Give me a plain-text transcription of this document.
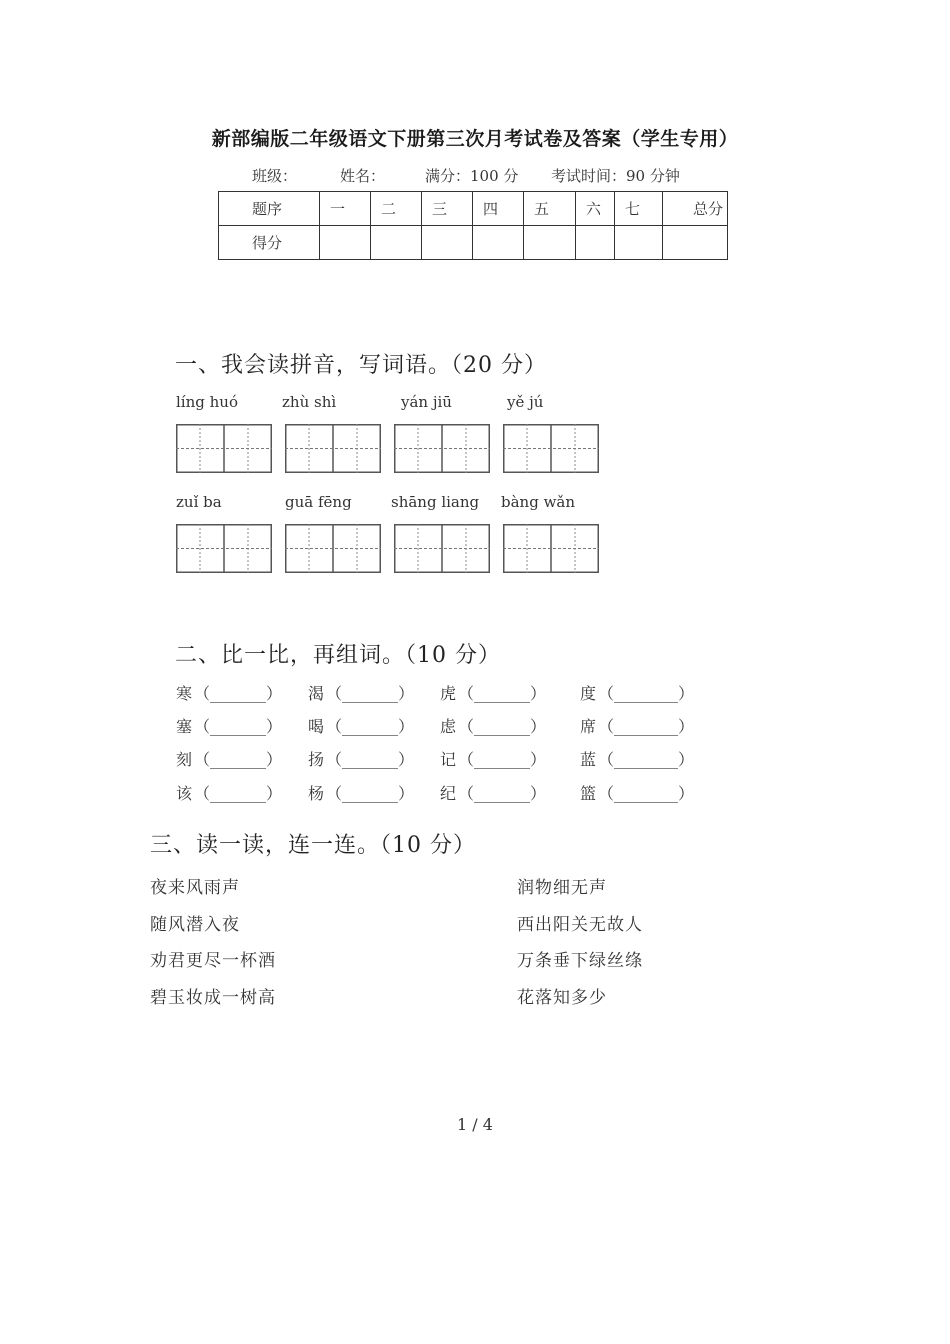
新部编版二年级语文下册第三次月考试卷及答案（学生专用）
班级：	姓名：	满分：100 分 考试时间：90 分钟
题序	一	二	三	四	五	六	七	总分
得分								
一、我会读拼音，写词语。（20 分）
líng huó	zhù shì	yán jiū	yě jú
zuǐ ba	guā fēng	shāng liang bàng wǎn
二、比一比，再组词。（10 分）
寒 （_______） 渴 （_______） 虎 （_______） 度 （________）
塞 （_______） 喝 （_______） 虑 （_______） 席 （________）
刻 （_______） 扬 （_______） 记 （_______） 蓝 （________）
该 （_______） 杨 （_______） 纪 （_______） 篮 （________）
三、读一读，连一连。（10 分）
夜来风雨声
随风潜入夜
劝君更尽一杯酒
碧玉妆成一树高
润物细无声
西出阳关无故人
万条垂下绿丝绦
花落知多少
1 / 4
